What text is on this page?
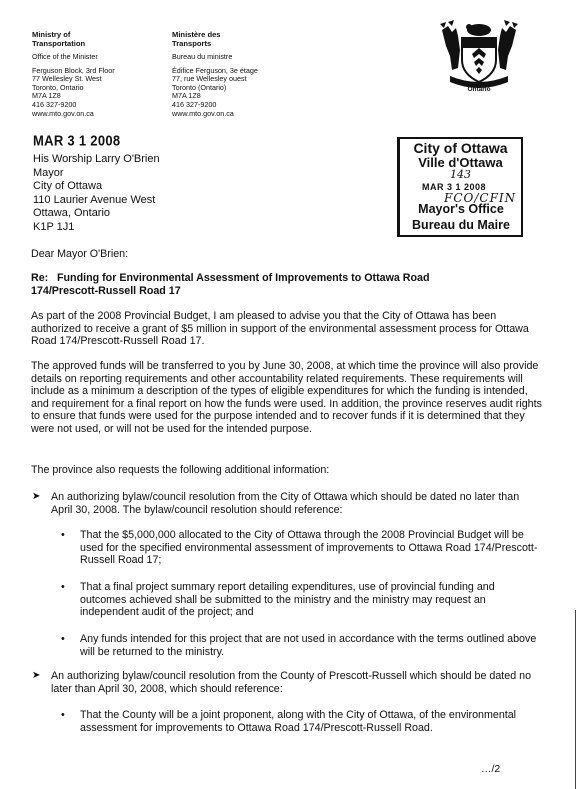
Ministry of
Transportation
Office of the Minister
Ferguson Block, 3rd Floor
77 Wellesley St. West
Toronto, Ontario
M7A 1Z8
416 327-9200
www.mto.gov.on.ca
Ministère des
Transports
Bureau du ministre
Édifice Ferguson, 3e étage
77, rue Wellesley ouest
Toronto (Ontario)
M7A 1Z8
416 327-9200
www.mto.gov.on.ca
Ontario
MAR 3 1 2008
His Worship Larry O'Brien
Mayor
City of Ottawa
110 Laurier Avenue West
Ottawa, Ontario
K1P 1J1
City of Ottawa
Ville d'Ottawa
143
MAR 3 1 2008
FCO/CFIN
Mayor's Office
Bureau du Maire
Dear Mayor O'Brien:
Re: Funding for Environmental Assessment of Improvements to Ottawa Road
174/Prescott-Russell Road 17
As part of the 2008 Provincial Budget, I am pleased to advise you that the City of Ottawa has been authorized to receive a grant of $5 million in support of the environmental assessment process for Ottawa Road 174/Prescott-Russell Road 17.
The approved funds will be transferred to you by June 30, 2008, at which time the province will also provide details on reporting requirements and other accountability related requirements. These requirements will include as a minimum a description of the types of eligible expenditures for which the funding is intended, and requirement for a final report on how the funds were used. In addition, the province reserves audit rights to ensure that funds were used for the purpose intended and to recover funds if it is determined that they were not used, or will not be used for the intended purpose.
The province also requests the following additional information:
➤ An authorizing bylaw/council resolution from the City of Ottawa which should be dated no later than April 30, 2008. The bylaw/council resolution should reference:
• That the $5,000,000 allocated to the City of Ottawa through the 2008 Provincial Budget will be used for the specified environmental assessment of improvements to Ottawa Road 174/Prescott-Russell Road 17;
• That a final project summary report detailing expenditures, use of provincial funding and outcomes achieved shall be submitted to the ministry and the ministry may request an independent audit of the project; and
• Any funds intended for this project that are not used in accordance with the terms outlined above will be returned to the ministry.
➤ An authorizing bylaw/council resolution from the County of Prescott-Russell which should be dated no later than April 30, 2008, which should reference:
• That the County will be a joint proponent, along with the City of Ottawa, of the environmental assessment for improvements to Ottawa Road 174/Prescott-Russell Road.
…/2
